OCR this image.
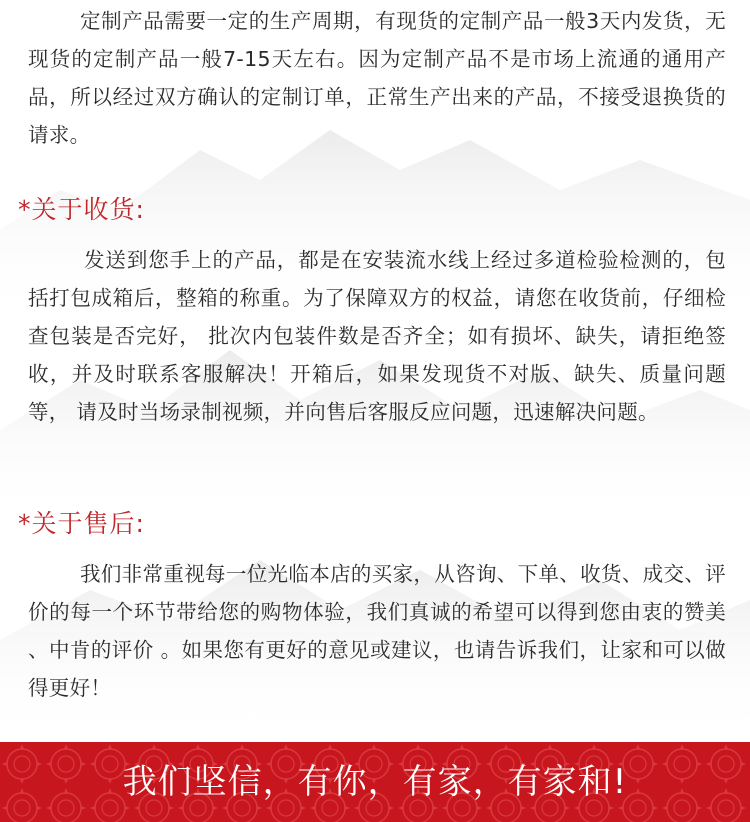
定制产品需要一定的生产周期，有现货的定制产品一般3天内发货，无现货的定制产品一般7-15天左右。因为定制产品不是市场上流通的通用产品，所以经过双方确认的定制订单，正常生产出来的产品，不接受退换货的请求。

*关于收货:

发送到您手上的产品，都是在安装流水线上经过多道检验检测的，包括打包成箱后，整箱的称重。为了保障双方的权益，请您在收货前，仔细检查包装是否完好， 批次内包装件数是否齐全；如有损坏、缺失，请拒绝签收，并及时联系客服解决！开箱后，如果发现货不对版、缺失、质量问题等， 请及时当场录制视频，并向售后客服反应问题，迅速解决问题。

*关于售后:

我们非常重视每一位光临本店的买家，从咨询、下单、收货、成交、评价的每一个环节带给您的购物体验，我们真诚的希望可以得到您由衷的赞美 、中肯的评价 。如果您有更好的意见或建议，也请告诉我们，让家和可以做得更好！

我们坚信，有你，有家，有家和!
